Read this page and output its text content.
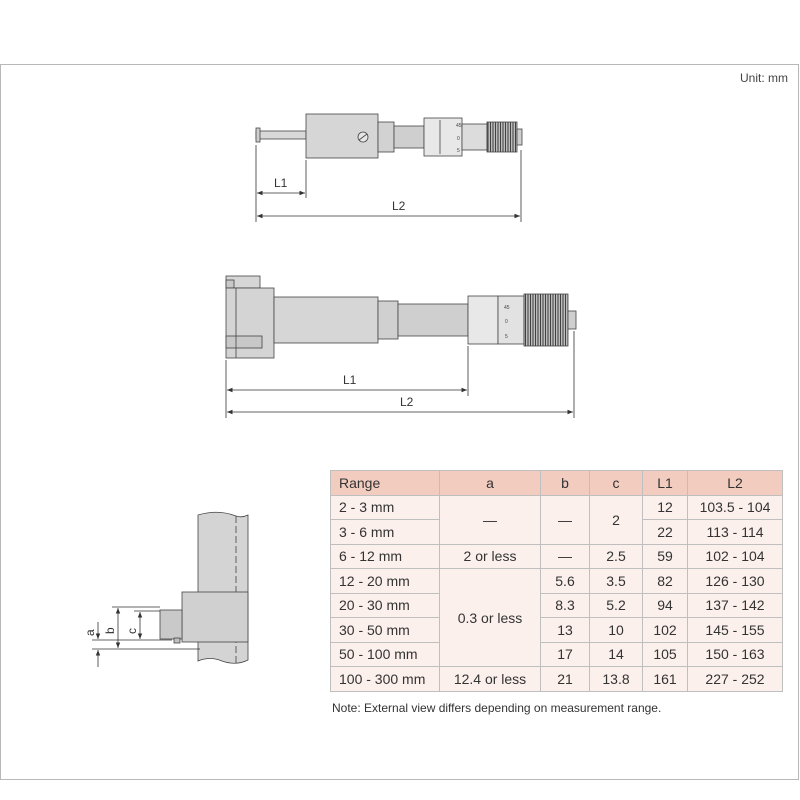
Unit: mm
45
0
5
L1
L2
45
0
5
L1
L2
a b c
Range	a	b	c	L1	L2
2 - 3 mm	—	—	2	12	103.5 - 104
3 - 6 mm				22	113 - 114
6 - 12 mm	2 or less	—	2.5	59	102 - 104
12 - 20 mm	0.3 or less	5.6	3.5	82	126 - 130
20 - 30 mm		8.3	5.2	94	137 - 142
30 - 50 mm		13	10	102	145 - 155
50 - 100 mm		17	14	105	150 - 163
100 - 300 mm	12.4 or less	21	13.8	161	227 - 252
Note: External view differs depending on measurement range.
